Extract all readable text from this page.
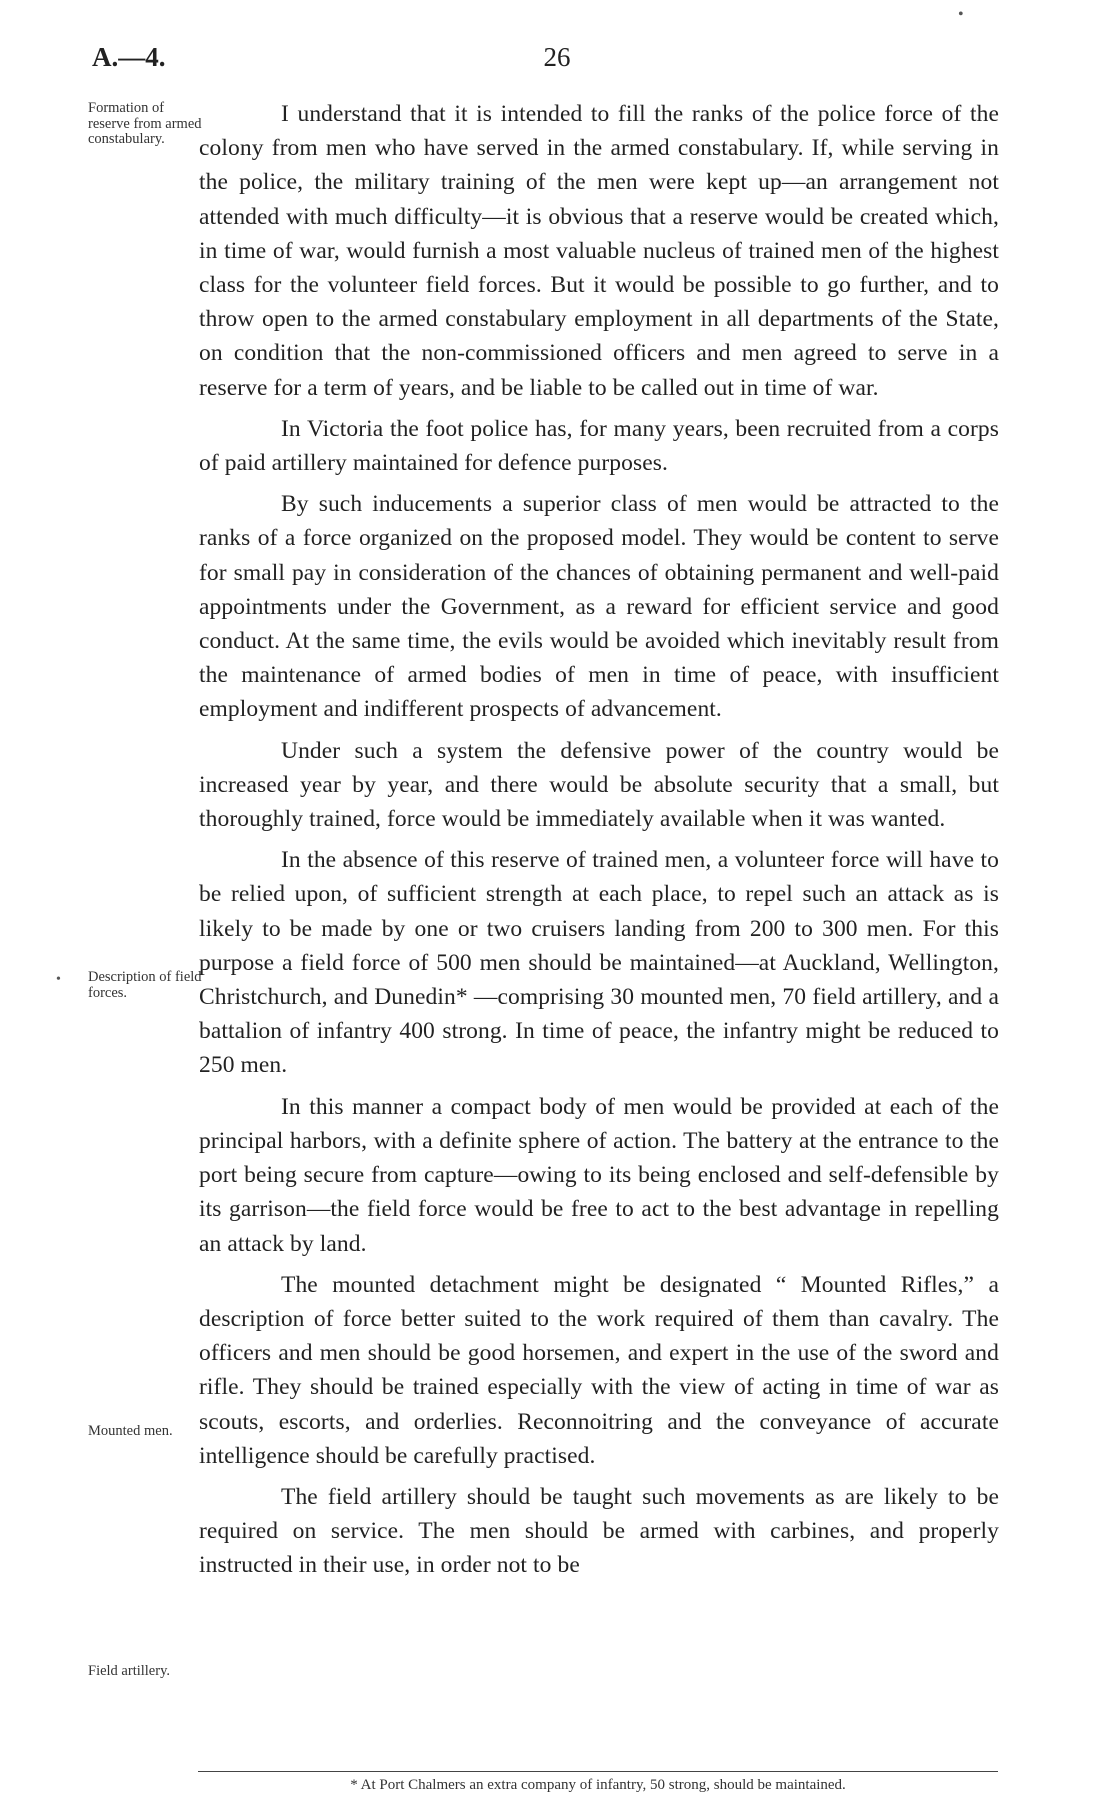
A.—4.	26
•
Formation of reserve from armed constabulary.
• Description of field forces.
Mounted men.
Field artillery.

I understand that it is intended to fill the ranks of the police force of the colony from men who have served in the armed constabulary. If, while serving in the police, the military training of the men were kept up—an arrangement not attended with much difficulty—it is obvious that a reserve would be created which, in time of war, would furnish a most valuable nucleus of trained men of the highest class for the volunteer field forces. But it would be possible to go further, and to throw open to the armed constabulary employment in all departments of the State, on condition that the non-commissioned officers and men agreed to serve in a reserve for a term of years, and be liable to be called out in time of war.

In Victoria the foot police has, for many years, been recruited from a corps of paid artillery maintained for defence purposes.

By such inducements a superior class of men would be attracted to the ranks of a force organized on the proposed model. They would be content to serve for small pay in consideration of the chances of obtaining permanent and well-paid appointments under the Government, as a reward for efficient service and good conduct. At the same time, the evils would be avoided which inevitably result from the maintenance of armed bodies of men in time of peace, with insufficient employment and indifferent prospects of advancement.

Under such a system the defensive power of the country would be increased year by year, and there would be absolute security that a small, but thoroughly trained, force would be immediately available when it was wanted.

In the absence of this reserve of trained men, a volunteer force will have to be relied upon, of sufficient strength at each place, to repel such an attack as is likely to be made by one or two cruisers landing from 200 to 300 men. For this purpose a field force of 500 men should be maintained—at Auckland, Wellington, Christchurch, and Dunedin* —comprising 30 mounted men, 70 field artillery, and a battalion of infantry 400 strong. In time of peace, the infantry might be reduced to 250 men.

In this manner a compact body of men would be provided at each of the principal harbors, with a definite sphere of action. The battery at the entrance to the port being secure from capture—owing to its being enclosed and self-defensible by its garrison—the field force would be free to act to the best advantage in repelling an attack by land.

The mounted detachment might be designated “ Mounted Rifles,” a description of force better suited to the work required of them than cavalry. The officers and men should be good horsemen, and expert in the use of the sword and rifle. They should be trained especially with the view of acting in time of war as scouts, escorts, and orderlies. Reconnoitring and the conveyance of accurate intelligence should be carefully practised.

The field artillery should be taught such movements as are likely to be required on service. The men should be armed with carbines, and properly instructed in their use, in order not to be

* At Port Chalmers an extra company of infantry, 50 strong, should be maintained.
